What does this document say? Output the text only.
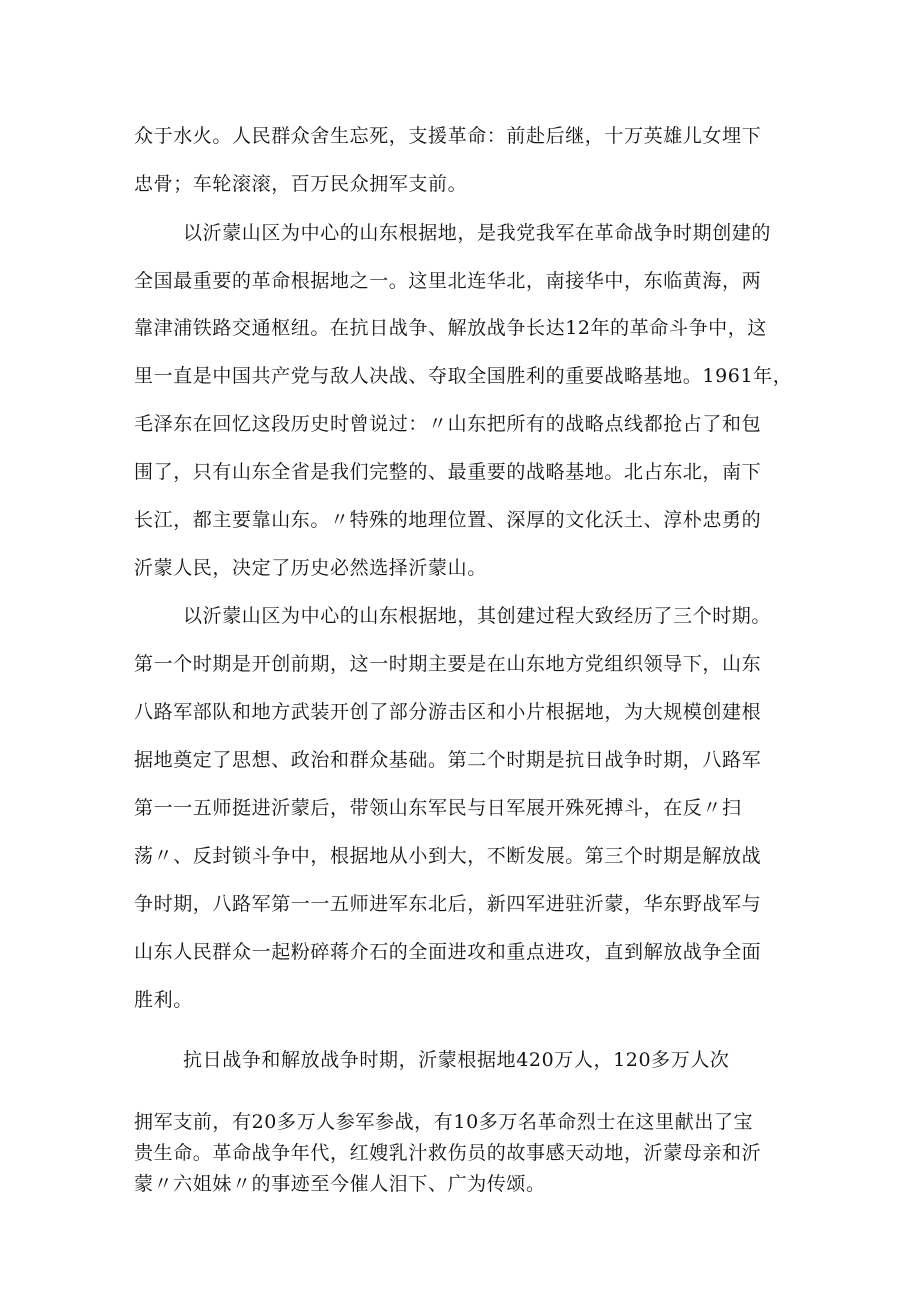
众于水火。人民群众舍生忘死，支援革命：前赴后继，十万英雄儿女埋下
忠骨；车轮滚滚，百万民众拥军支前。
以沂蒙山区为中心的山东根据地，是我党我军在革命战争时期创建的
全国最重要的革命根据地之一。这里北连华北，南接华中，东临黄海，两
靠津浦铁路交通枢纽。在抗日战争、解放战争长达12年的革命斗争中，这
里一直是中国共产党与敌人决战、夺取全国胜利的重要战略基地。1961年，
毛泽东在回忆这段历史时曾说过：〃山东把所有的战略点线都抢占了和包
围了，只有山东全省是我们完整的、最重要的战略基地。北占东北，南下
长江，都主要靠山东。〃特殊的地理位置、深厚的文化沃土、淳朴忠勇的
沂蒙人民，决定了历史必然选择沂蒙山。
以沂蒙山区为中心的山东根据地，其创建过程大致经历了三个时期。
第一个时期是开创前期，这一时期主要是在山东地方党组织领导下，山东
八路军部队和地方武装开创了部分游击区和小片根据地，为大规模创建根
据地奠定了思想、政治和群众基础。第二个时期是抗日战争时期，八路军
第一一五师挺进沂蒙后，带领山东军民与日军展开殊死搏斗，在反〃扫
荡〃、反封锁斗争中，根据地从小到大，不断发展。第三个时期是解放战
争时期，八路军第一一五师进军东北后，新四军进驻沂蒙，华东野战军与
山东人民群众一起粉碎蒋介石的全面进攻和重点进攻，直到解放战争全面
胜利。
抗日战争和解放战争时期，沂蒙根据地420万人，120多万人次
拥军支前，有20多万人参军参战，有10多万名革命烈士在这里献出了宝
贵生命。革命战争年代，红嫂乳汁救伤员的故事感天动地，沂蒙母亲和沂
蒙〃六姐妹〃的事迹至今催人泪下、广为传颂。
